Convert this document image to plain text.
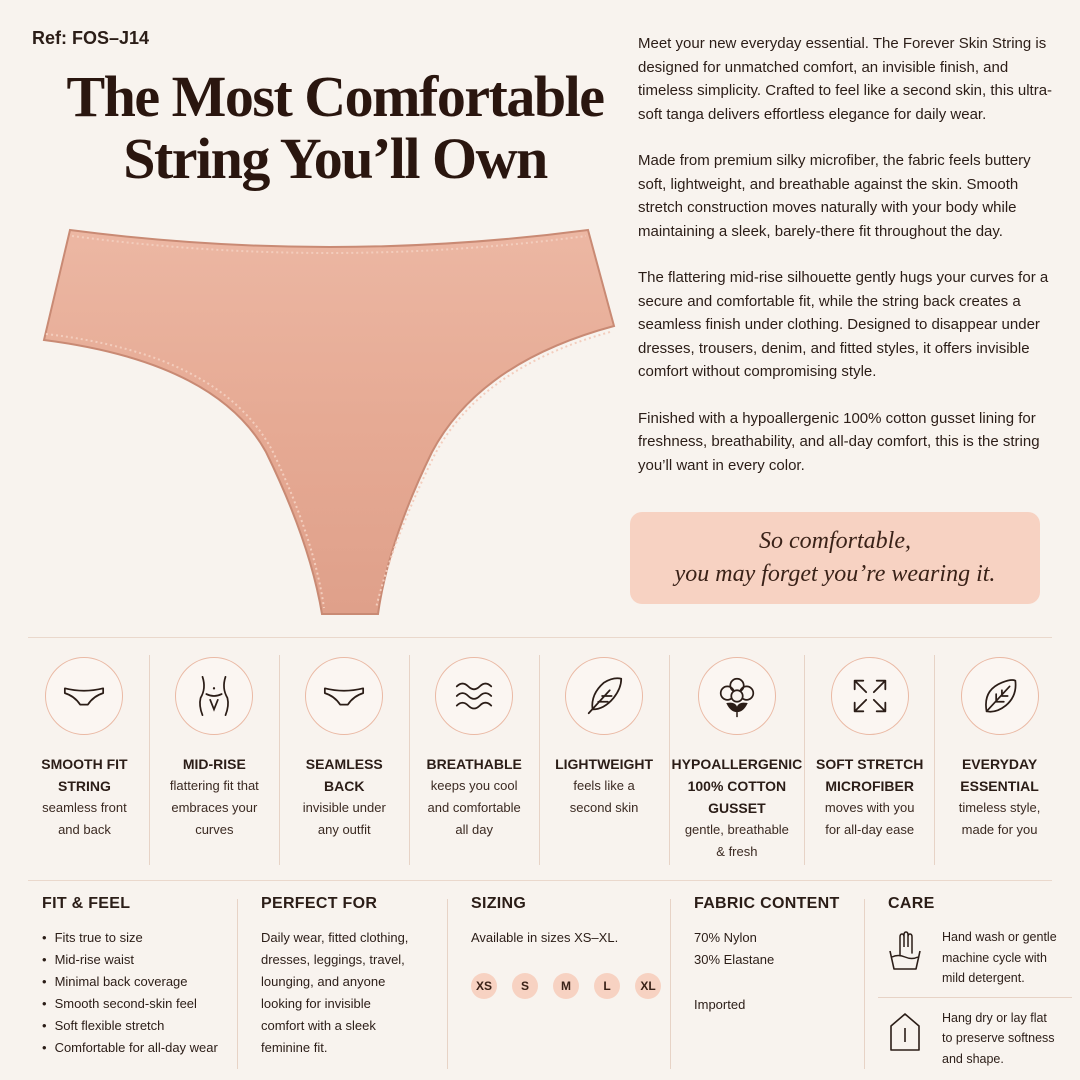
Ref: FOS–J14
The Most Comfortable
String You’ll Own

Meet your new everyday essential. The Forever Skin String is designed for unmatched comfort, an invisible finish, and timeless simplicity. Crafted to feel like a second skin, this ultra-soft tanga delivers effortless elegance for daily wear.

Made from premium silky microfiber, the fabric feels buttery soft, lightweight, and breathable against the skin. Smooth stretch construction moves naturally with your body while maintaining a sleek, barely-there fit throughout the day.

The flattering mid-rise silhouette gently hugs your curves for a secure and comfortable fit, while the string back creates a seamless finish under clothing. Designed to disappear under dresses, trousers, denim, and fitted styles, it offers invisible comfort without compromising style.

Finished with a hypoallergenic 100% cotton gusset lining for freshness, breathability, and all-day comfort, this is the string you’ll want in every color.

So comfortable,
you may forget you’re wearing it.
SMOOTH FIT
STRING
seamless front
and back
MID-RISE
flattering fit that
embraces your
curves
SEAMLESS
BACK
invisible under
any outfit
BREATHABLE
keeps you cool
and comfortable
all day
LIGHTWEIGHT
feels like a
second skin
HYPOALLERGENIC
100% COTTON
GUSSET
gentle, breathable
& fresh
SOFT STRETCH
MICROFIBER
moves with you
for all-day ease
EVERYDAY
ESSENTIAL
timeless style,
made for you
FIT & FEEL
• Fits true to size
• Mid-rise waist
• Minimal back coverage
• Smooth second-skin feel
• Soft flexible stretch
• Comfortable for all-day wear
PERFECT FOR
Daily wear, fitted clothing,
dresses, leggings, travel,
lounging, and anyone
looking for invisible
comfort with a sleek
feminine fit.
SIZING
Available in sizes XS–XL.
XS	S	M	L	XL
FABRIC CONTENT
70% Nylon
30% Elastane
Imported
CARE
Hand wash or gentle
machine cycle with
mild detergent.
Hang dry or lay flat
to preserve softness
and shape.
